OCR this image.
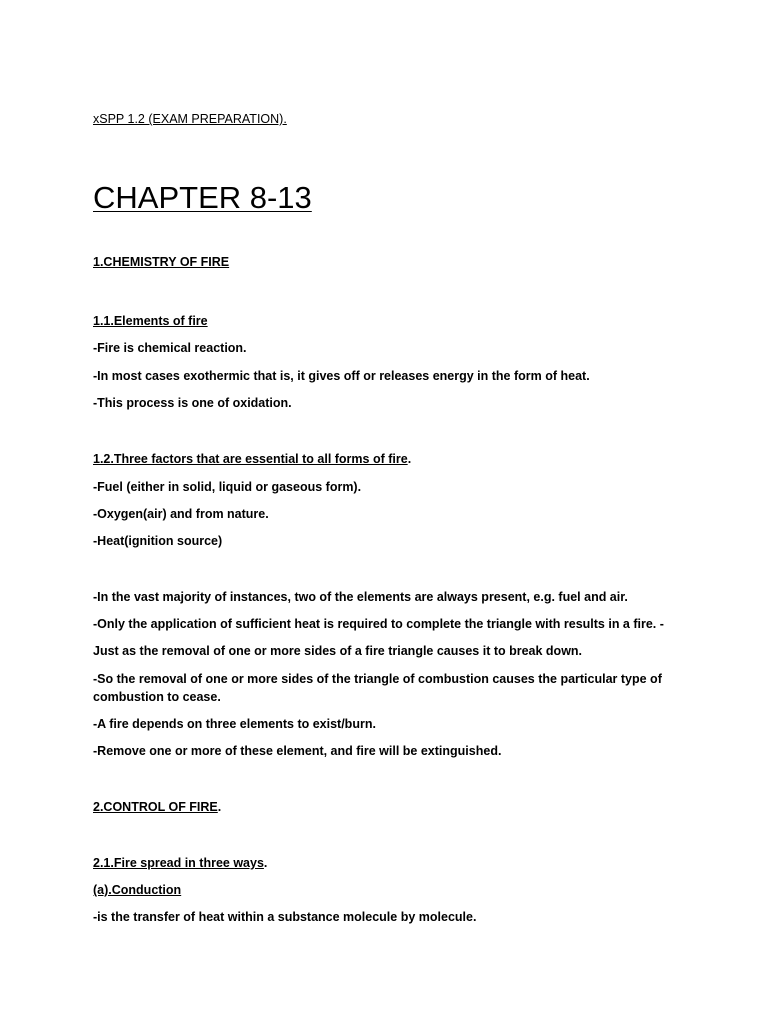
xSPP 1.2 (EXAM PREPARATION).

CHAPTER 8-13

1.CHEMISTRY OF FIRE

1.1.Elements of fire

-Fire is chemical reaction.

-In most cases exothermic that is, it gives off or releases energy in the form of heat.

-This process is one of oxidation.

1.2.Three factors that are essential to all forms of fire.

-Fuel (either in solid, liquid or gaseous form).

-Oxygen(air) and from nature.

-Heat(ignition source)

-In the vast majority of instances, two of the elements are always present, e.g. fuel and air.

-Only the application of sufficient heat is required to complete the triangle with results in a fire. -

Just as the removal of one or more sides of a fire triangle causes it to break down.

-So the removal of one or more sides of the triangle of combustion causes the particular type of

combustion to cease.

-A fire depends on three elements to exist/burn.

-Remove one or more of these element, and fire will be extinguished.

2.CONTROL OF FIRE.

2.1.Fire spread in three ways.

(a).Conduction

-is the transfer of heat within a substance molecule by molecule.
